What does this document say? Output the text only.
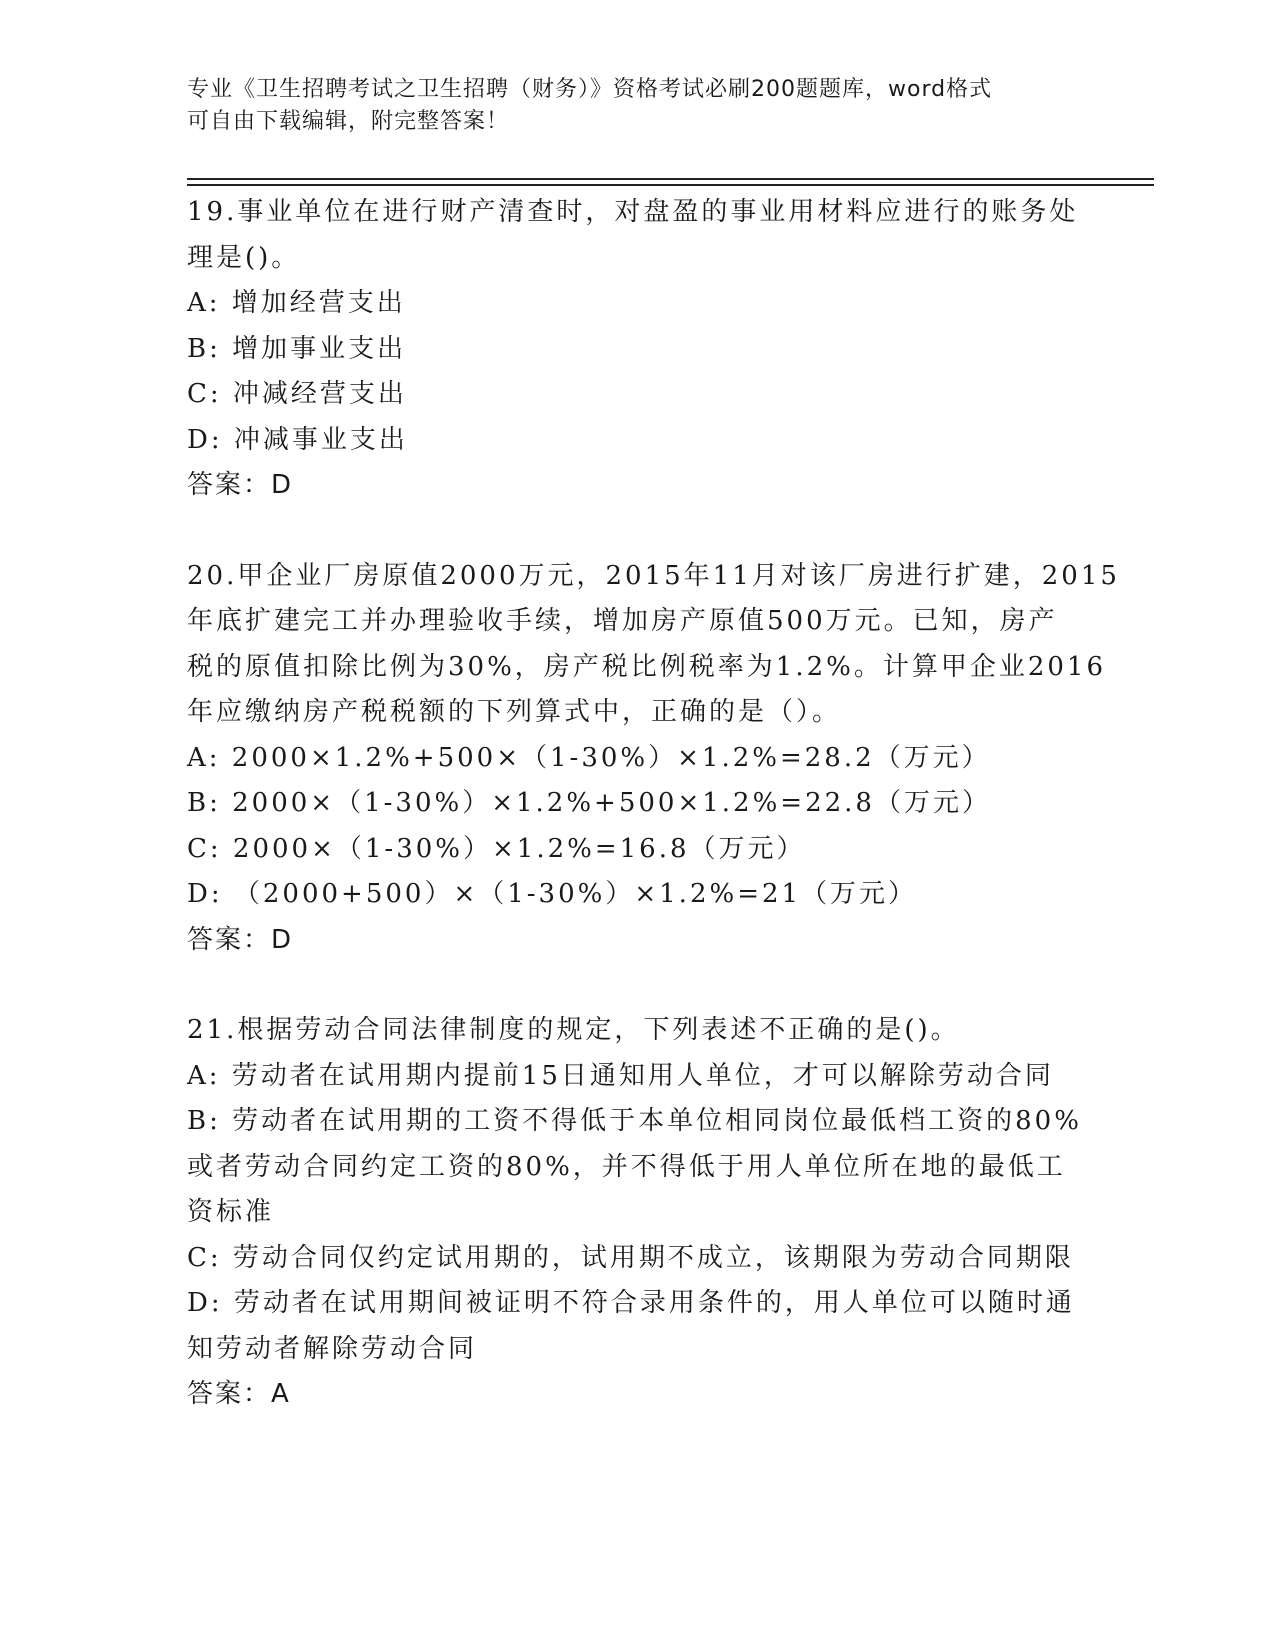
专业《卫生招聘考试之卫生招聘（财务）》资格考试必刷200题题库，word格式
可自由下载编辑，附完整答案！
19.事业单位在进行财产清查时，对盘盈的事业用材料应进行的账务处
理是()。
A: 增加经营支出
B: 增加事业支出
C: 冲减经营支出
D: 冲减事业支出
答案：D
20.甲企业厂房原值2000万元，2015年11月对该厂房进行扩建，2015
年底扩建完工并办理验收手续，增加房产原值500万元。已知，房产
税的原值扣除比例为30%，房产税比例税率为1.2%。计算甲企业2016
年应缴纳房产税税额的下列算式中，正确的是（）。
A: 2000×1.2%+500×（1-30%）×1.2%=28.2（万元）
B: 2000×（1-30%）×1.2%+500×1.2%=22.8（万元）
C: 2000×（1-30%）×1.2%=16.8（万元）
D: （2000+500）×（1-30%）×1.2%=21（万元）
答案：D
21.根据劳动合同法律制度的规定，下列表述不正确的是()。
A: 劳动者在试用期内提前15日通知用人单位，才可以解除劳动合同
B: 劳动者在试用期的工资不得低于本单位相同岗位最低档工资的80%
或者劳动合同约定工资的80%，并不得低于用人单位所在地的最低工
资标准
C: 劳动合同仅约定试用期的，试用期不成立，该期限为劳动合同期限
D: 劳动者在试用期间被证明不符合录用条件的，用人单位可以随时通
知劳动者解除劳动合同
答案：A
